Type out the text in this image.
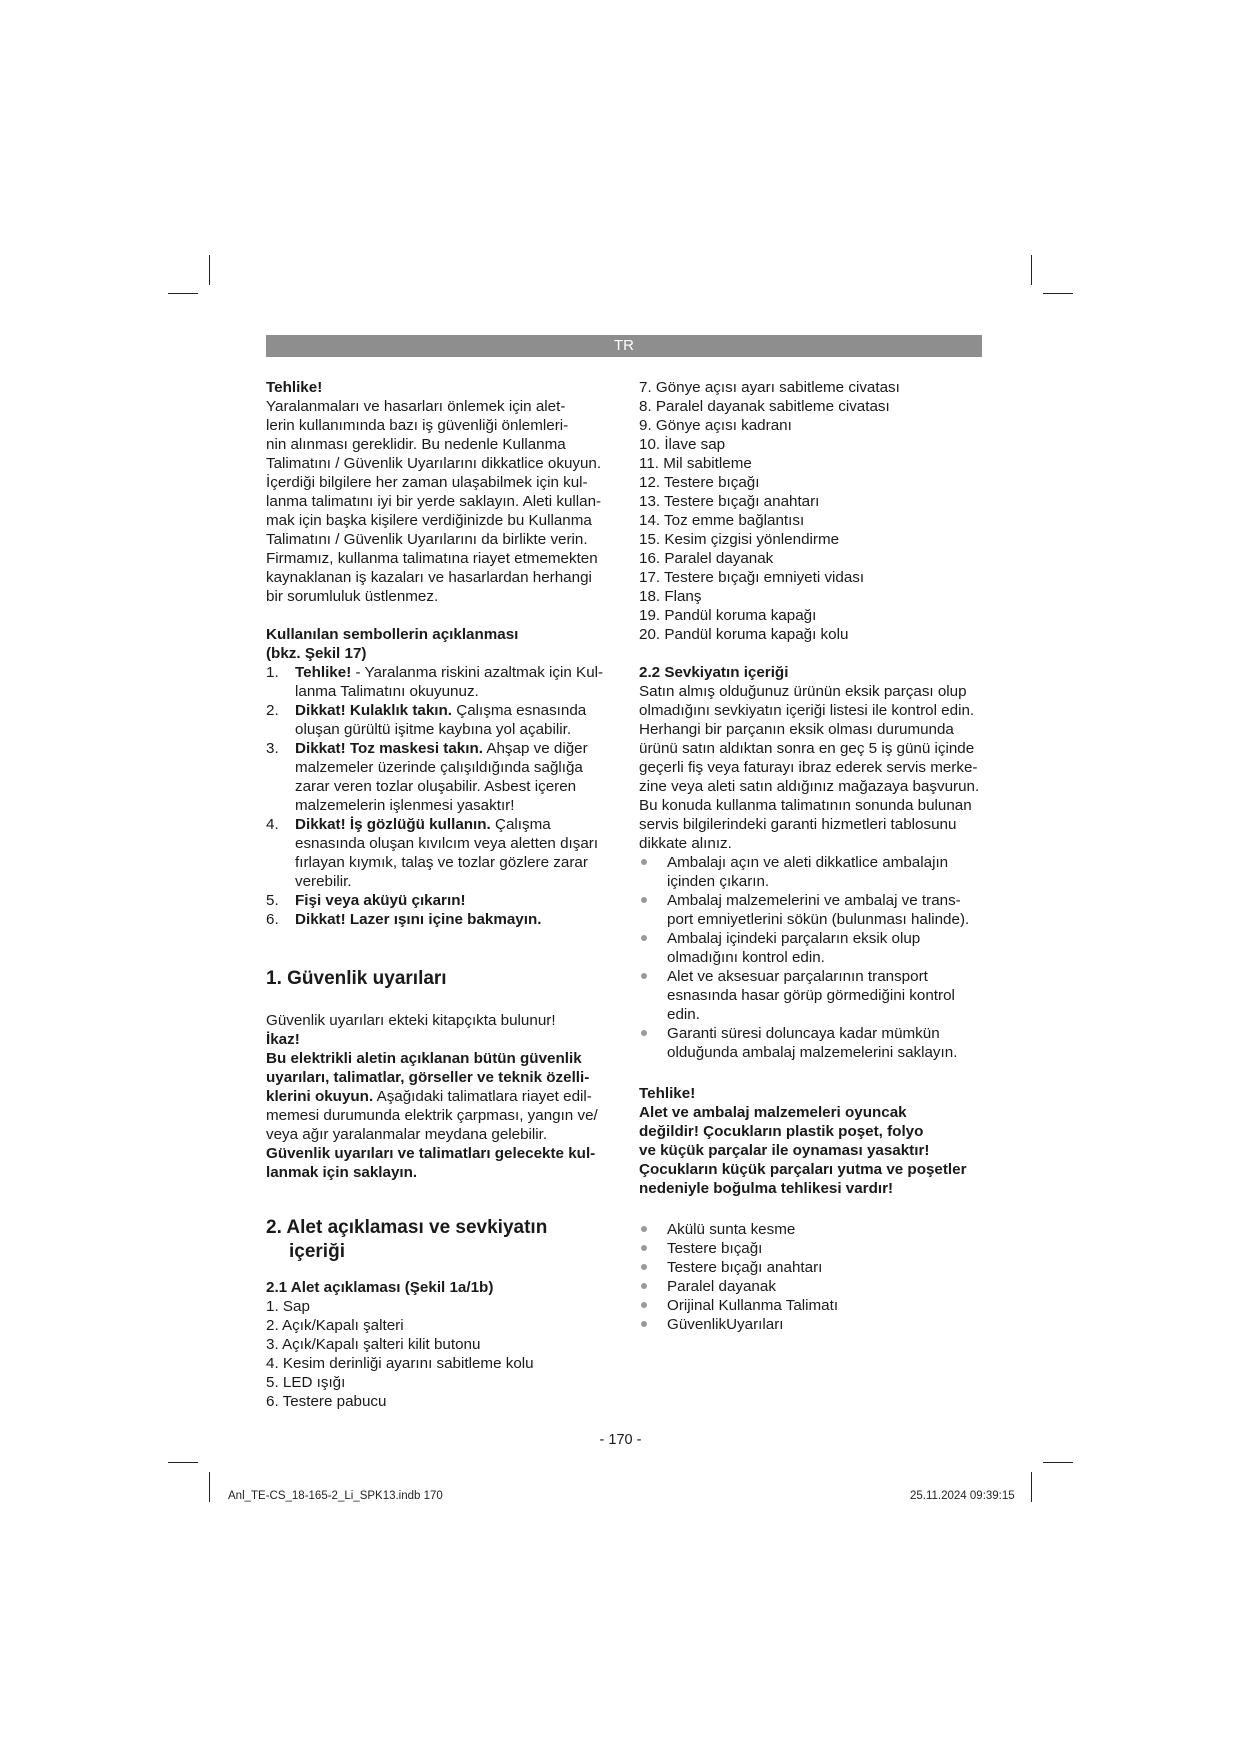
TR

Tehlike!

Yaralanmaları ve hasarları önlemek için alet-
lerin kullanımında bazı iş güvenliği önlemleri-
nin alınması gereklidir. Bu nedenle Kullanma
Talimatını / Güvenlik Uyarılarını dikkatlice okuyun.
İçerdiği bilgilere her zaman ulaşabilmek için kul-
lanma talimatını iyi bir yerde saklayın. Aleti kullan-
mak için başka kişilere verdiğinizde bu Kullanma
Talimatını / Güvenlik Uyarılarını da birlikte verin.
Firmamız, kullanma talimatına riayet etmemekten
kaynaklanan iş kazaları ve hasarlardan herhangi
bir sorumluluk üstlenmez.

Kullanılan sembollerin açıklanması

(bkz. Şekil 17)

1. Tehlike! - Yaralanma riskini azaltmak için Kul-
lanma Talimatını okuyunuz.
2. Dikkat! Kulaklık takın. Çalışma esnasında
oluşan gürültü işitme kaybına yol açabilir.
3. Dikkat! Toz maskesi takın. Ahşap ve diğer
malzemeler üzerinde çalışıldığında sağlığa
zarar veren tozlar oluşabilir. Asbest içeren
malzemelerin işlenmesi yasaktır!
4. Dikkat! İş gözlüğü kullanın. Çalışma
esnasında oluşan kıvılcım veya aletten dışarı
fırlayan kıymık, talaş ve tozlar gözlere zarar
verebilir.
5. Fişi veya aküyü çıkarın!
6. Dikkat! Lazer ışını içine bakmayın.
1. Güvenlik uyarıları

Güvenlik uyarıları ekteki kitapçıkta bulunur!

İkaz!

Bu elektrikli aletin açıklanan bütün güvenlik
uyarıları, talimatlar, görseller ve teknik özelli-
klerini okuyun. Aşağıdaki talimatlara riayet edil-
memesi durumunda elektrik çarpması, yangın ve/
veya ağır yaralanmalar meydana gelebilir.
Güvenlik uyarıları ve talimatları gelecekte kul-
lanmak için saklayın.
2. Alet açıklaması ve sevkiyatın
içeriği

2.1 Alet açıklaması (Şekil 1a/1b)

1. Sap
2. Açık/Kapalı şalteri
3. Açık/Kapalı şalteri kilit butonu
4. Kesim derinliği ayarını sabitleme kolu
5. LED ışığı
6. Testere pabucu
7. Gönye açısı ayarı sabitleme civatası
8. Paralel dayanak sabitleme civatası
9. Gönye açısı kadranı
10. İlave sap
11. Mil sabitleme
12. Testere bıçağı
13. Testere bıçağı anahtarı
14. Toz emme bağlantısı
15. Kesim çizgisi yönlendirme
16. Paralel dayanak
17. Testere bıçağı emniyeti vidası
18. Flanş
19. Pandül koruma kapağı
20. Pandül koruma kapağı kolu

2.2 Sevkiyatın içeriği

Satın almış olduğunuz ürünün eksik parçası olup
olmadığını sevkiyatın içeriği listesi ile kontrol edin.
Herhangi bir parçanın eksik olması durumunda
ürünü satın aldıktan sonra en geç 5 iş günü içinde
geçerli fiş veya faturayı ibraz ederek servis merke-
zine veya aleti satın aldığınız mağazaya başvurun.
Bu konuda kullanma talimatının sonunda bulunan
servis bilgilerindeki garanti hizmetleri tablosunu
dikkate alınız.
Ambalajı açın ve aleti dikkatlice ambalajın
içinden çıkarın.
Ambalaj malzemelerini ve ambalaj ve trans-
port emniyetlerini sökün (bulunması halinde).
Ambalaj içindeki parçaların eksik olup
olmadığını kontrol edin.
Alet ve aksesuar parçalarının transport
esnasında hasar görüp görmediğini kontrol
edin.
Garanti süresi doluncaya kadar mümkün
olduğunda ambalaj malzemelerini saklayın.

Tehlike!

Alet ve ambalaj malzemeleri oyuncak
değildir! Çocukların plastik poşet, folyo
ve küçük parçalar ile oynaması yasaktır!
Çocukların küçük parçaları yutma ve poşetler
nedeniyle boğulma tehlikesi vardır!
Akülü sunta kesme
Testere bıçağı
Testere bıçağı anahtarı
Paralel dayanak
Orijinal Kullanma Talimatı
GüvenlikUyarıları
- 170 -
Anl_TE-CS_18-165-2_Li_SPK13.indb 170	25.11.2024 09:39:15
